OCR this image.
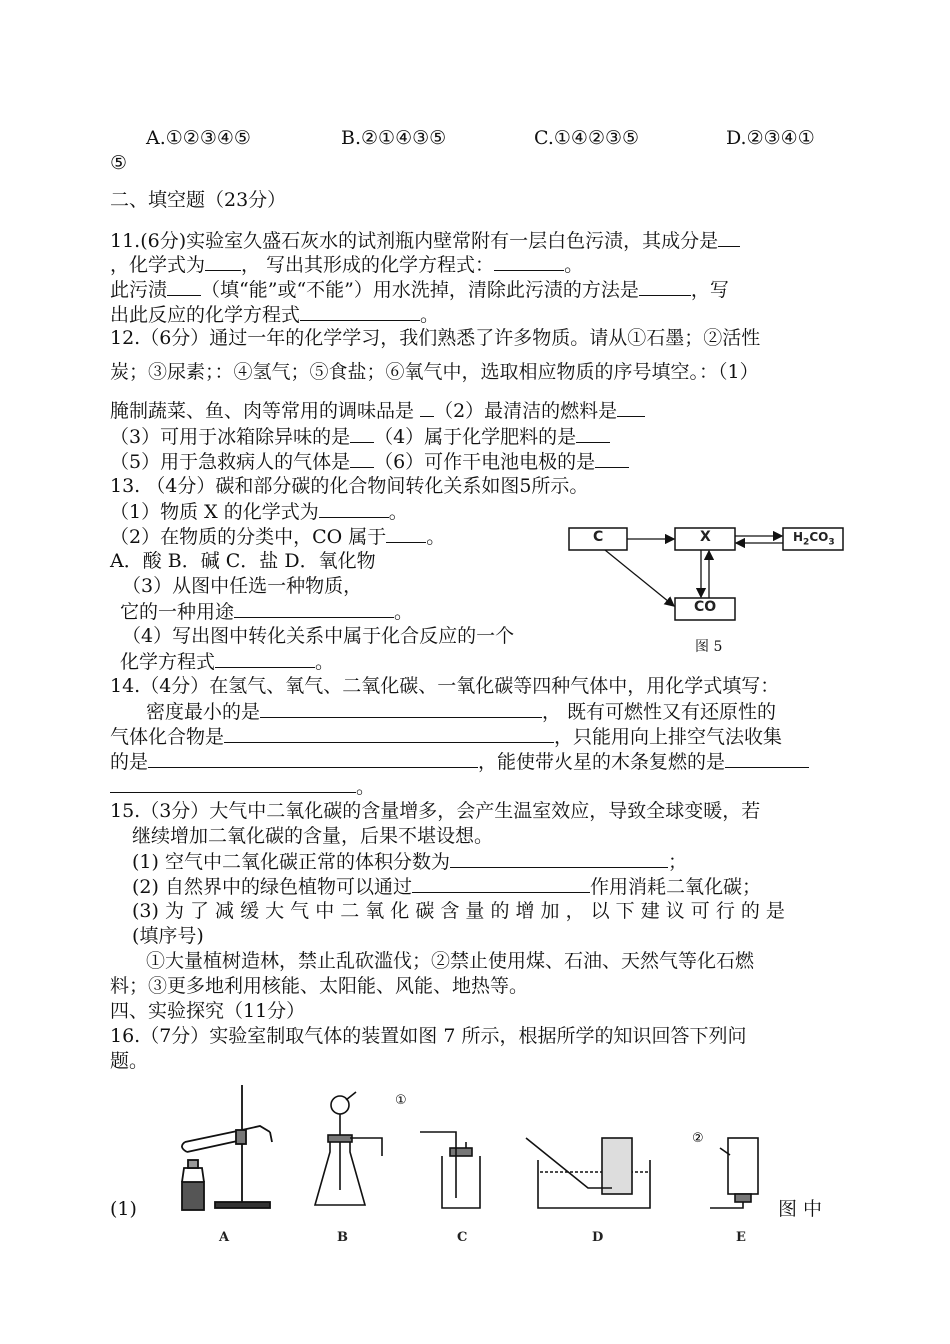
A.①②③④⑤	B.②①④③⑤	C.①④②③⑤	D.②③④①
⑤
二、填空题（23分）
11.(6分)实验室久盛石灰水的试剂瓶内壁常附有一层白色污渍，其成分是
，化学式为 ， 写出其形成的化学方程式：	。
此污渍 （填“能”或“不能”）用水洗掉，清除此污渍的方法是	，写
出此反应的化学方程式	。
12.（6分）通过一年的化学学习，我们熟悉了许多物质。请从①石墨；②活性
炭；③尿素；：④氢气；⑤食盐；⑥氧气中，选取相应物质的序号填空。：（1）
腌制蔬菜、鱼、肉等常用的调味品是 （2）最清洁的燃料是
（3）可用于冰箱除异味的是 （4）属于化学肥料的是
（5）用于急救病人的气体是 （6）可作干电池电极的是
13. （4分）碳和部分碳的化合物间转化关系如图5所示。
（1）物质 X 的化学式为	。
（2）在物质的分类中，CO 属于 。
A．酸 B．碱 C．盐 D．氧化物
（3）从图中任选一种物质，
它的一种用途	。
（4）写出图中转化关系中属于化合反应的一个
化学方程式	。
C	X	$H_2CO_3$
CO
图 5
14.（4分）在氢气、氧气、二氧化碳、一氧化碳等四种气体中，用化学式填写：
密度最小的是	， 既有可燃性又有还原性的
气体化合物是	，只能用向上排空气法收集
的是	，能使带火星的木条复燃的是
。
15.（3分）大气中二氧化碳的含量增多，会产生温室效应，导致全球变暖，若
继续增加二氧化碳的含量，后果不堪设想。
(1) 空气中二氧化碳正常的体积分数为	；
(2) 自然界中的绿色植物可以通过	作用消耗二氧化碳；
(3) 为 了 减 缓 大 气 中 二 氧 化 碳 含 量 的 增 加 ， 以 下 建 议 可 行 的 是
(填序号)
①大量植树造林，禁止乱砍滥伐；②禁止使用煤、石油、天然气等化石燃
料；③更多地利用核能、太阳能、风能、地热等。
四、实验探究（11分）
16.（7分）实验室制取气体的装置如图 7 所示，根据所学的知识回答下列问
题。
①
②
(1)	图 中
A	B	C	D	E
